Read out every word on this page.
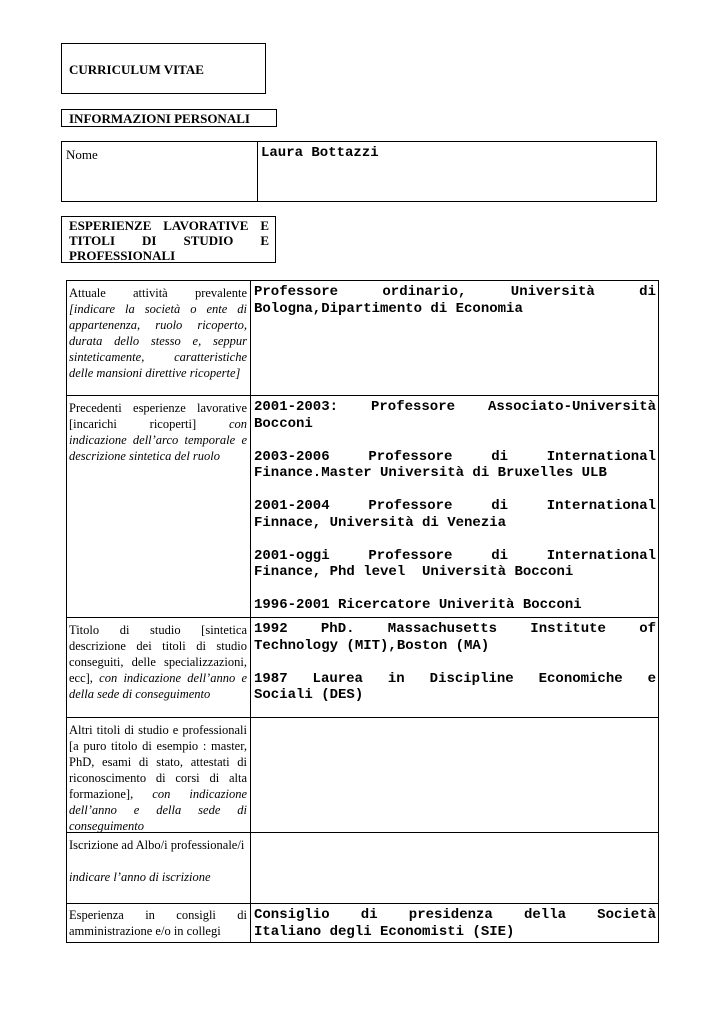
CURRICULUM VITAE
INFORMAZIONI PERSONALI
Nome	Laura Bottazzi
ESPERIENZE LAVORATIVE E
TITOLI DI STUDIO E
PROFESSIONALI
Attuale attività prevalente [indicare la società o ente di appartenenza, ruolo ricoperto, durata dello stesso e, seppur sinteticamente, caratteristiche delle mansioni direttive ricoperte]
Professore ordinario, Università di
Bologna,Dipartimento di Economia
Precedenti esperienze lavorative [incarichi ricoperti]	con indicazione dell’arco temporale e descrizione sintetica del ruolo
2001-2003: Professore Associato-Università
Bocconi
2003-2006 Professore di International
Finance.Master Università di Bruxelles ULB
2001-2004 Professore di International
Finnace, Università di Venezia
2001-oggi Professore di International
Finance, Phd level  Università Bocconi
1996-2001 Ricercatore Univerità Bocconi
Titolo di studio [sintetica descrizione dei titoli di studio conseguiti, delle specializzazioni, ecc], con indicazione dell’anno e della sede di conseguimento
1992 PhD. Massachusetts Institute of
Technology (MIT),Boston (MA)
1987 Laurea in Discipline Economiche e
Sociali (DES)
Altri titoli di studio e professionali [a puro titolo di esempio : master, PhD, esami di stato, attestati di riconoscimento di corsi di alta formazione], con indicazione dell’anno e della sede di conseguimento
Iscrizione ad Albo/i professionale/i
indicare l’anno di iscrizione
Esperienza in consigli di amministrazione e/o in collegi
Consiglio di presidenza della Società
Italiano degli Economisti (SIE)
